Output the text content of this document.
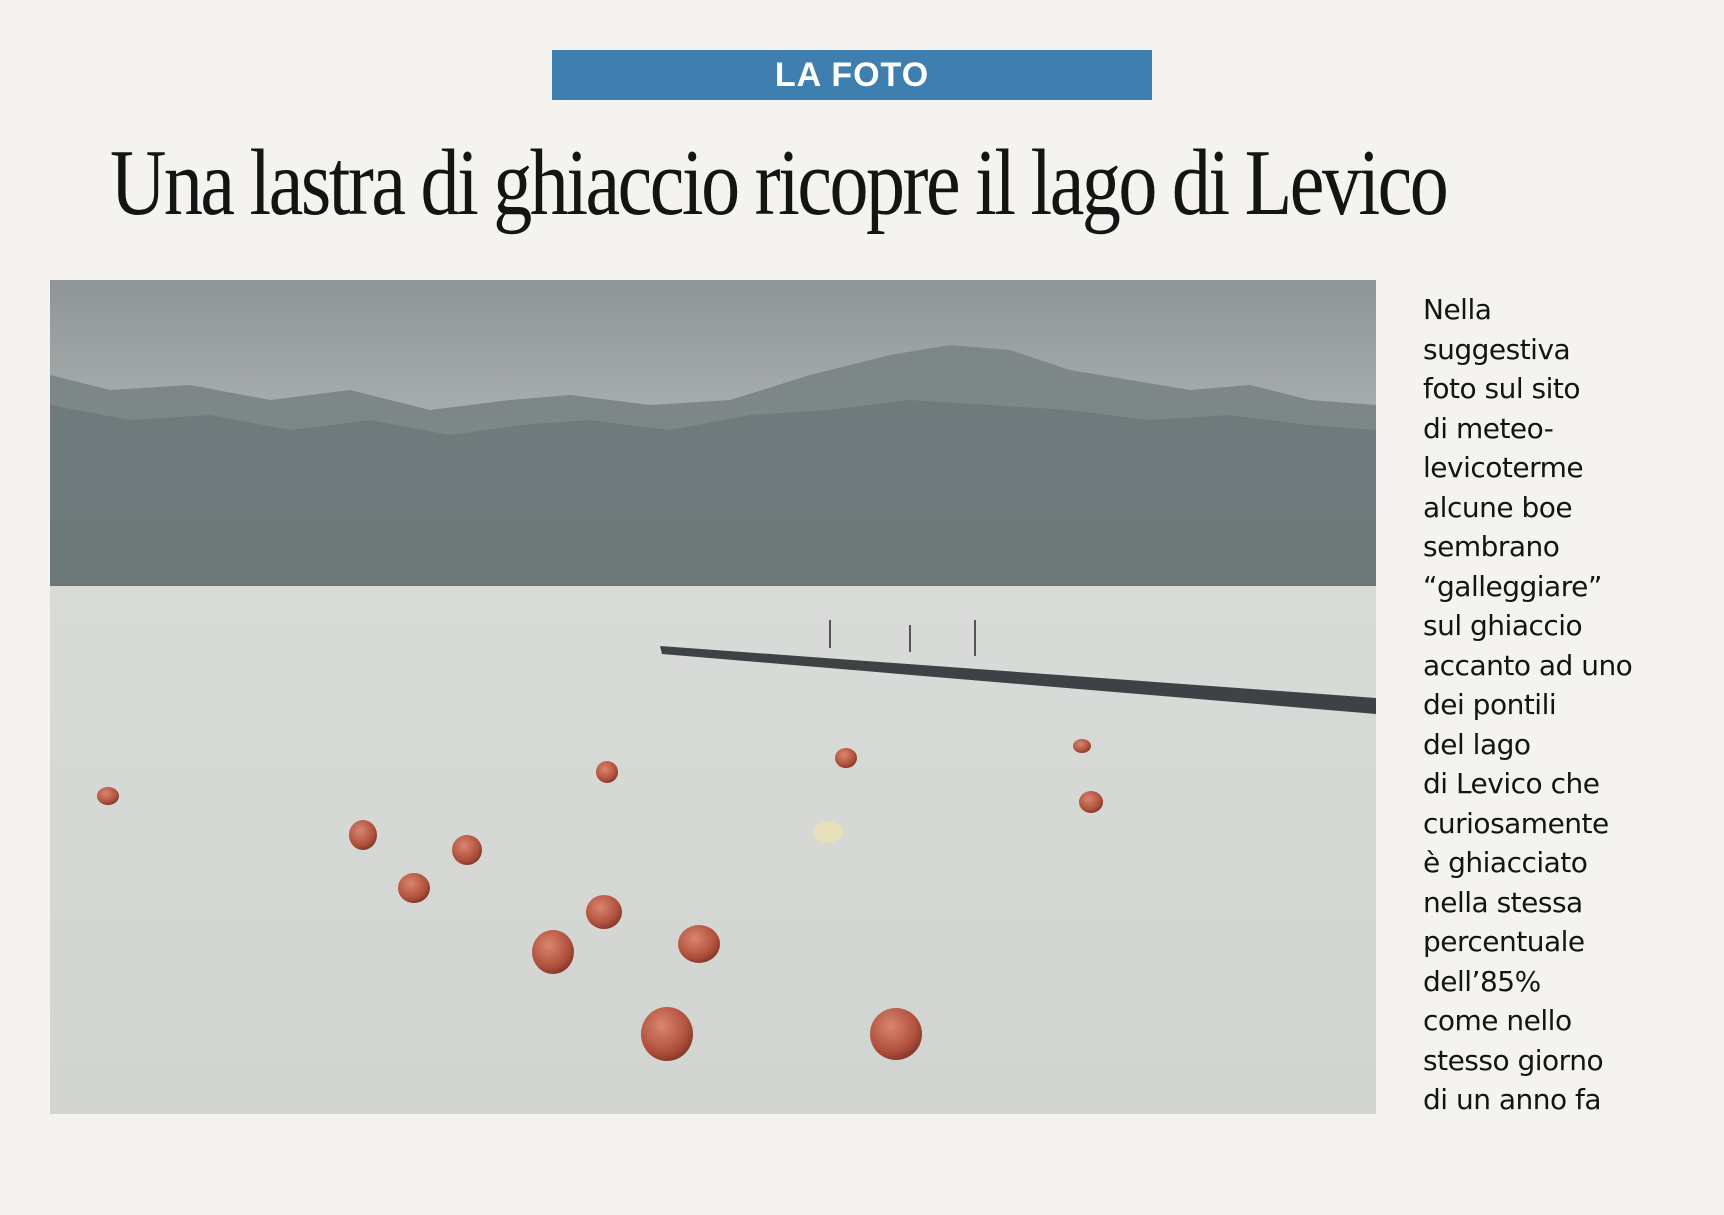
LA FOTO
Una lastra di ghiaccio ricopre il lago di Levico
Nella
suggestiva
foto sul sito
di meteo-
levicoterme
alcune boe
sembrano
“galleggiare”
sul ghiaccio
accanto ad uno
dei pontili
del lago
di Levico che
curiosamente
è ghiacciato
nella stessa
percentuale
dell’85%
come nello
stesso giorno
di un anno fa
